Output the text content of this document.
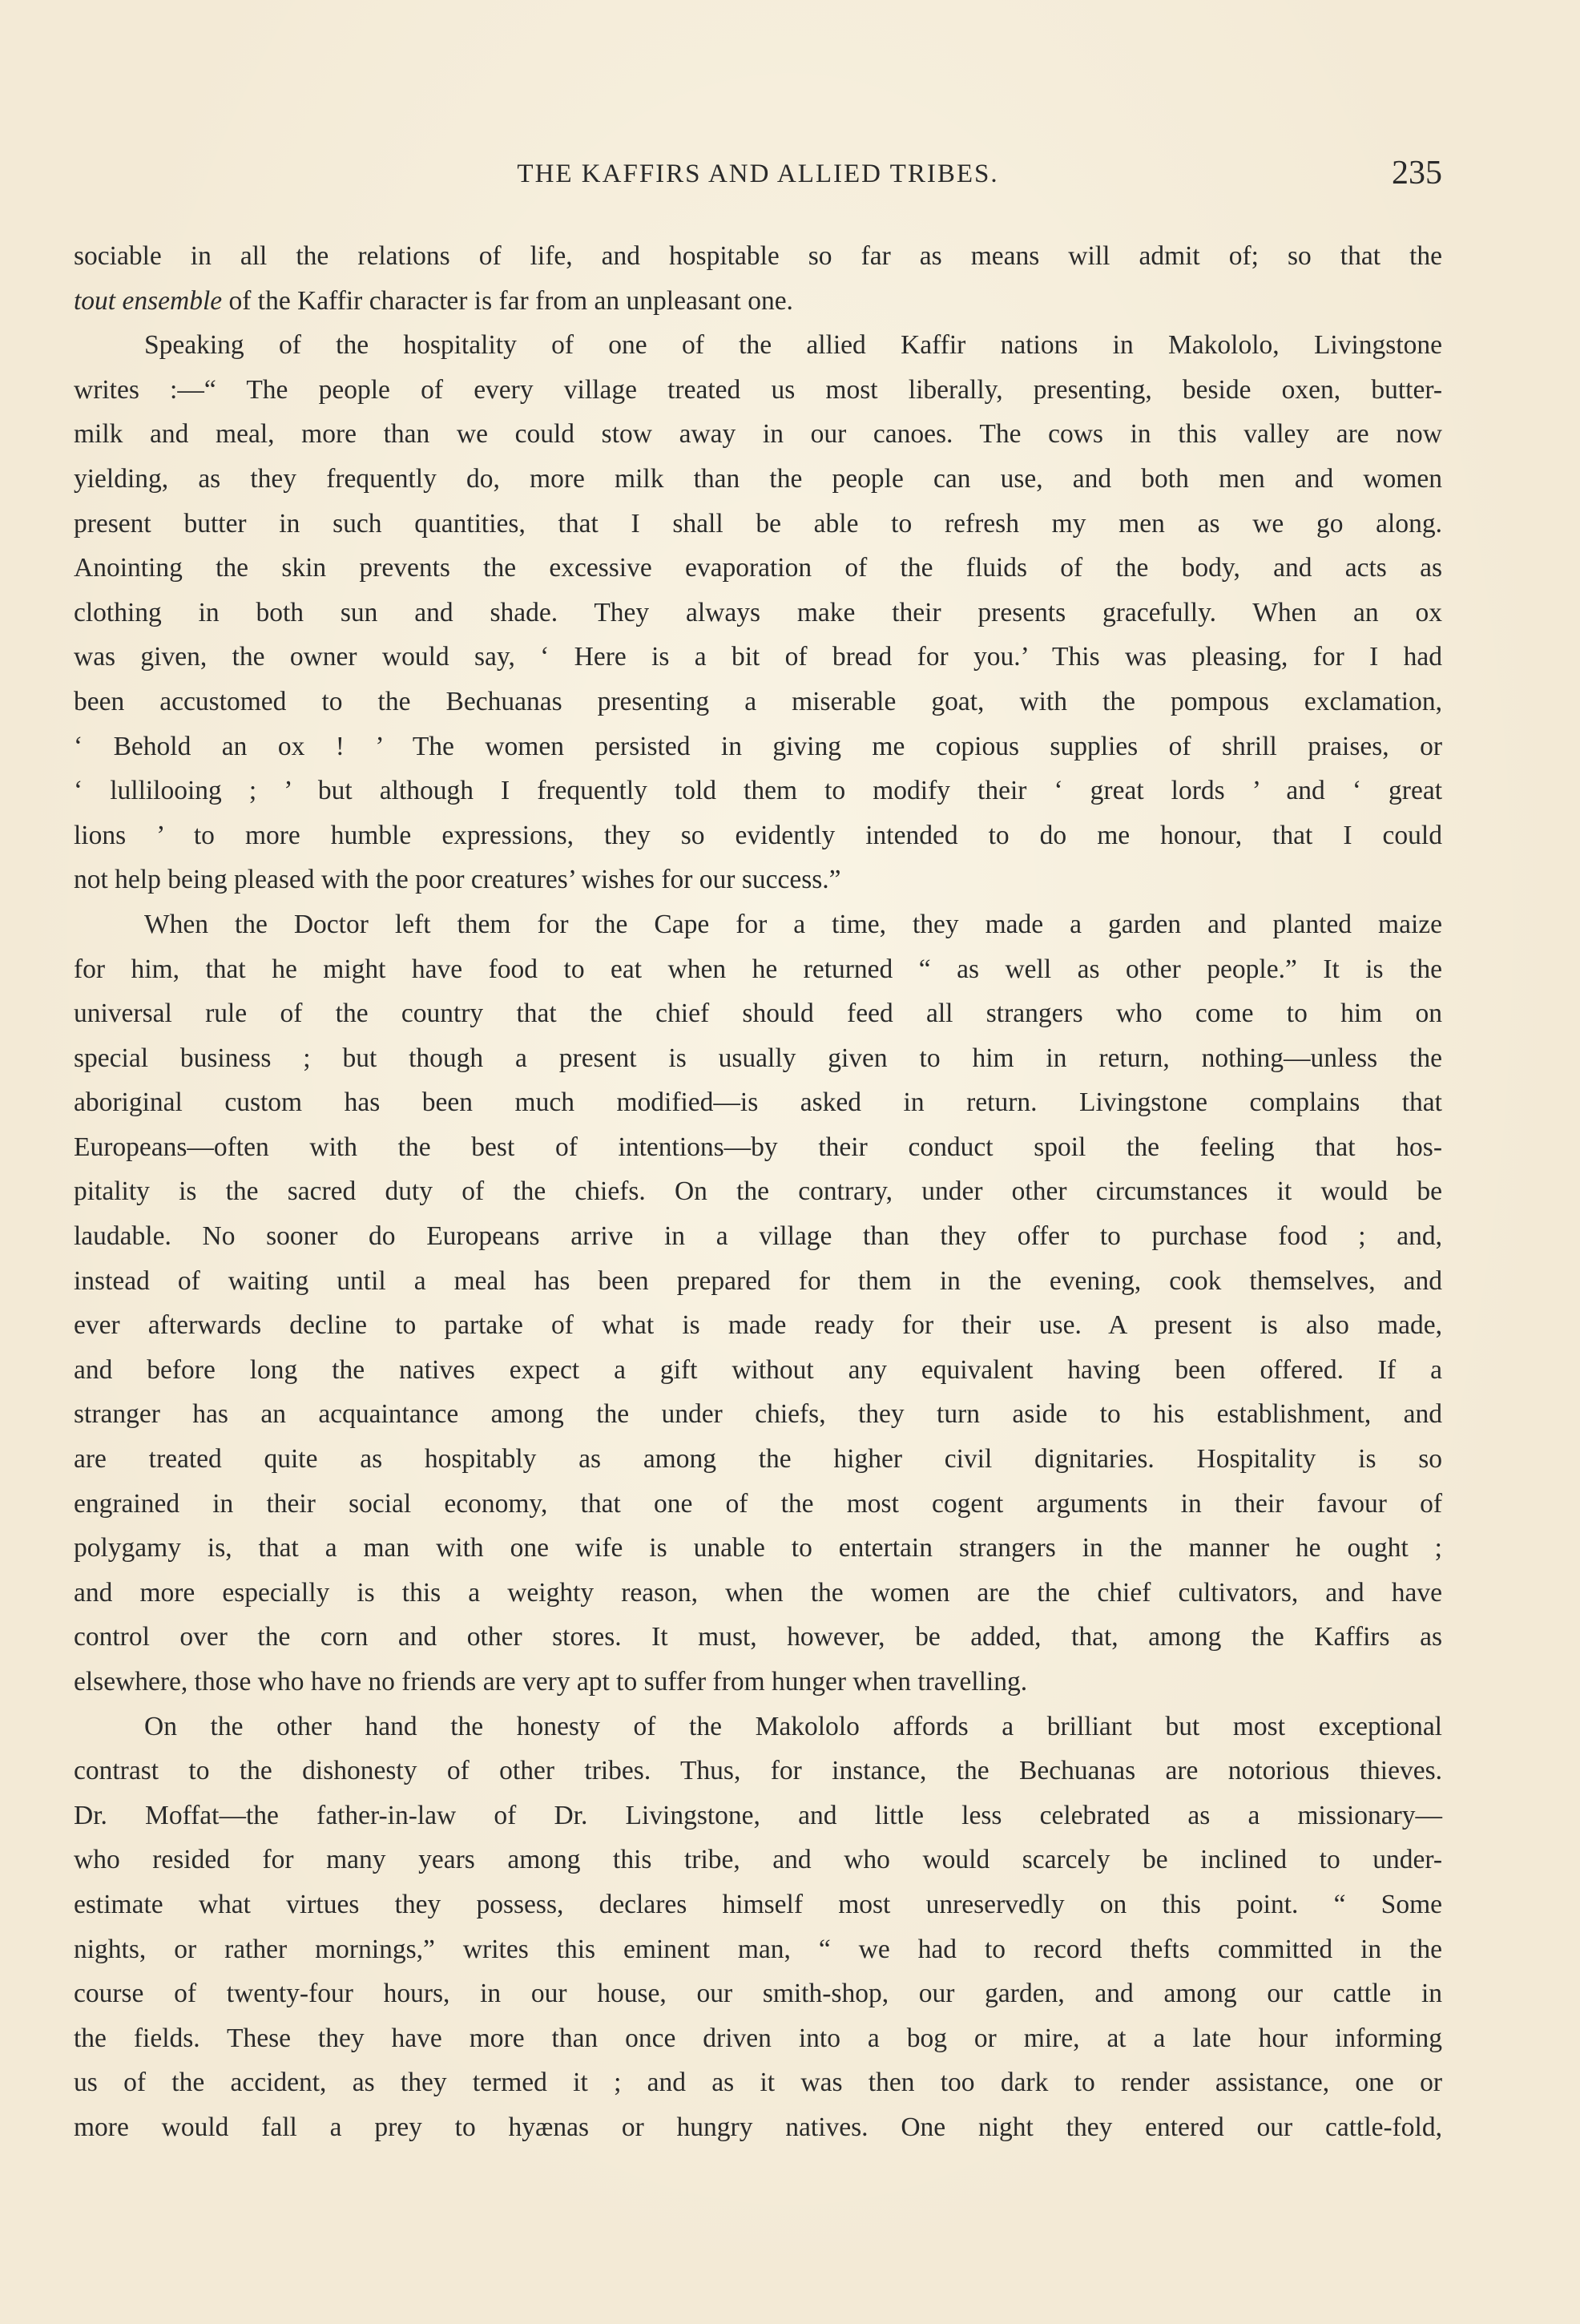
THE KAFFIRS AND ALLIED TRIBES.	235
sociable in all the relations of life, and hospitable so far as means will admit of; so that the
tout ensemble of the Kaffir character is far from an unpleasant one.
Speaking of the hospitality of one of the allied Kaffir nations in Makololo, Livingstone
writes :—“ The people of every village treated us most liberally, presenting, beside oxen, butter-
milk and meal, more than we could stow away in our canoes. The cows in this valley are now
yielding, as they frequently do, more milk than the people can use, and both men and women
present butter in such quantities, that I shall be able to refresh my men as we go along.
Anointing the skin prevents the excessive evaporation of the fluids of the body, and acts as
clothing in both sun and shade. They always make their presents gracefully. When an ox
was given, the owner would say, ‘ Here is a bit of bread for you.’ This was pleasing, for I had
been accustomed to the Bechuanas presenting a miserable goat, with the pompous exclamation,
‘ Behold an ox ! ’ The women persisted in giving me copious supplies of shrill praises, or
‘ lullilooing ; ’ but although I frequently told them to modify their ‘ great lords ’ and ‘ great
lions ’ to more humble expressions, they so evidently intended to do me honour, that I could
not help being pleased with the poor creatures’ wishes for our success.”
When the Doctor left them for the Cape for a time, they made a garden and planted maize
for him, that he might have food to eat when he returned “ as well as other people.” It is the
universal rule of the country that the chief should feed all strangers who come to him on
special business ; but though a present is usually given to him in return, nothing—unless the
aboriginal custom has been much modified—is asked in return. Livingstone complains that
Europeans—often with the best of intentions—by their conduct spoil the feeling that hos-
pitality is the sacred duty of the chiefs. On the contrary, under other circumstances it would be
laudable. No sooner do Europeans arrive in a village than they offer to purchase food ; and,
instead of waiting until a meal has been prepared for them in the evening, cook themselves, and
ever afterwards decline to partake of what is made ready for their use. A present is also made,
and before long the natives expect a gift without any equivalent having been offered. If a
stranger has an acquaintance among the under chiefs, they turn aside to his establishment, and
are treated quite as hospitably as among the higher civil dignitaries. Hospitality is so
engrained in their social economy, that one of the most cogent arguments in their favour of
polygamy is, that a man with one wife is unable to entertain strangers in the manner he ought ;
and more especially is this a weighty reason, when the women are the chief cultivators, and have
control over the corn and other stores. It must, however, be added, that, among the Kaffirs as
elsewhere, those who have no friends are very apt to suffer from hunger when travelling.
On the other hand the honesty of the Makololo affords a brilliant but most exceptional
contrast to the dishonesty of other tribes. Thus, for instance, the Bechuanas are notorious thieves.
Dr. Moffat—the father-in-law of Dr. Livingstone, and little less celebrated as a missionary—
who resided for many years among this tribe, and who would scarcely be inclined to under-
estimate what virtues they possess, declares himself most unreservedly on this point. “ Some
nights, or rather mornings,” writes this eminent man, “ we had to record thefts committed in the
course of twenty-four hours, in our house, our smith-shop, our garden, and among our cattle in
the fields. These they have more than once driven into a bog or mire, at a late hour informing
us of the accident, as they termed it ; and as it was then too dark to render assistance, one or
more would fall a prey to hyænas or hungry natives. One night they entered our cattle-fold,
